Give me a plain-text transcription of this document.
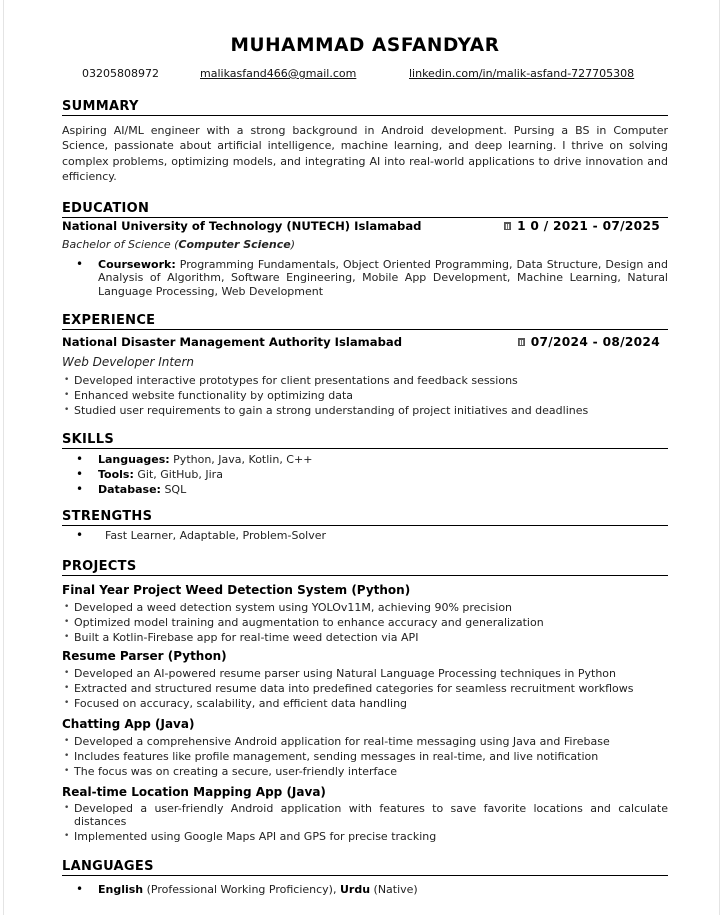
MUHAMMAD ASFANDYAR
03205808972	malikasfand466@gmail.com	linkedin.com/in/malik-asfand-727705308
SUMMARY
Aspiring AI/ML engineer with a strong background in Android development. Pursing a BS in Computer Science, passionate about artificial intelligence, machine learning, and deep learning. I thrive on solving complex problems, optimizing models, and integrating AI into real-world applications to drive innovation and efficiency.
EDUCATION
National University of Technology (NUTECH) Islamabad	1 0 / 2021 - 07/2025
Bachelor of Science (Computer Science)
• Coursework: Programming Fundamentals, Object Oriented Programming, Data Structure, Design and Analysis of Algorithm, Software Engineering, Mobile App Development, Machine Learning, Natural Language Processing, Web Development
EXPERIENCE
National Disaster Management Authority Islamabad	07/2024 - 08/2024
Web Developer Intern
• Developed interactive prototypes for client presentations and feedback sessions
• Enhanced website functionality by optimizing data
• Studied user requirements to gain a strong understanding of project initiatives and deadlines
SKILLS
• Languages: Python, Java, Kotlin, C++
• Tools: Git, GitHub, Jira
• Database: SQL
STRENGTHS
• Fast Learner, Adaptable, Problem-Solver
PROJECTS
Final Year Project Weed Detection System (Python)
• Developed a weed detection system using YOLOv11M, achieving 90% precision
• Optimized model training and augmentation to enhance accuracy and generalization
• Built a Kotlin-Firebase app for real-time weed detection via API
Resume Parser (Python)
• Developed an AI-powered resume parser using Natural Language Processing techniques in Python
• Extracted and structured resume data into predefined categories for seamless recruitment workflows
• Focused on accuracy, scalability, and efficient data handling
Chatting App (Java)
• Developed a comprehensive Android application for real-time messaging using Java and Firebase
• Includes features like profile management, sending messages in real-time, and live notification
• The focus was on creating a secure, user-friendly interface
Real-time Location Mapping App (Java)
• Developed a user-friendly Android application with features to save favorite locations and calculate distances
• Implemented using Google Maps API and GPS for precise tracking
LANGUAGES
• English (Professional Working Proficiency), Urdu (Native)
